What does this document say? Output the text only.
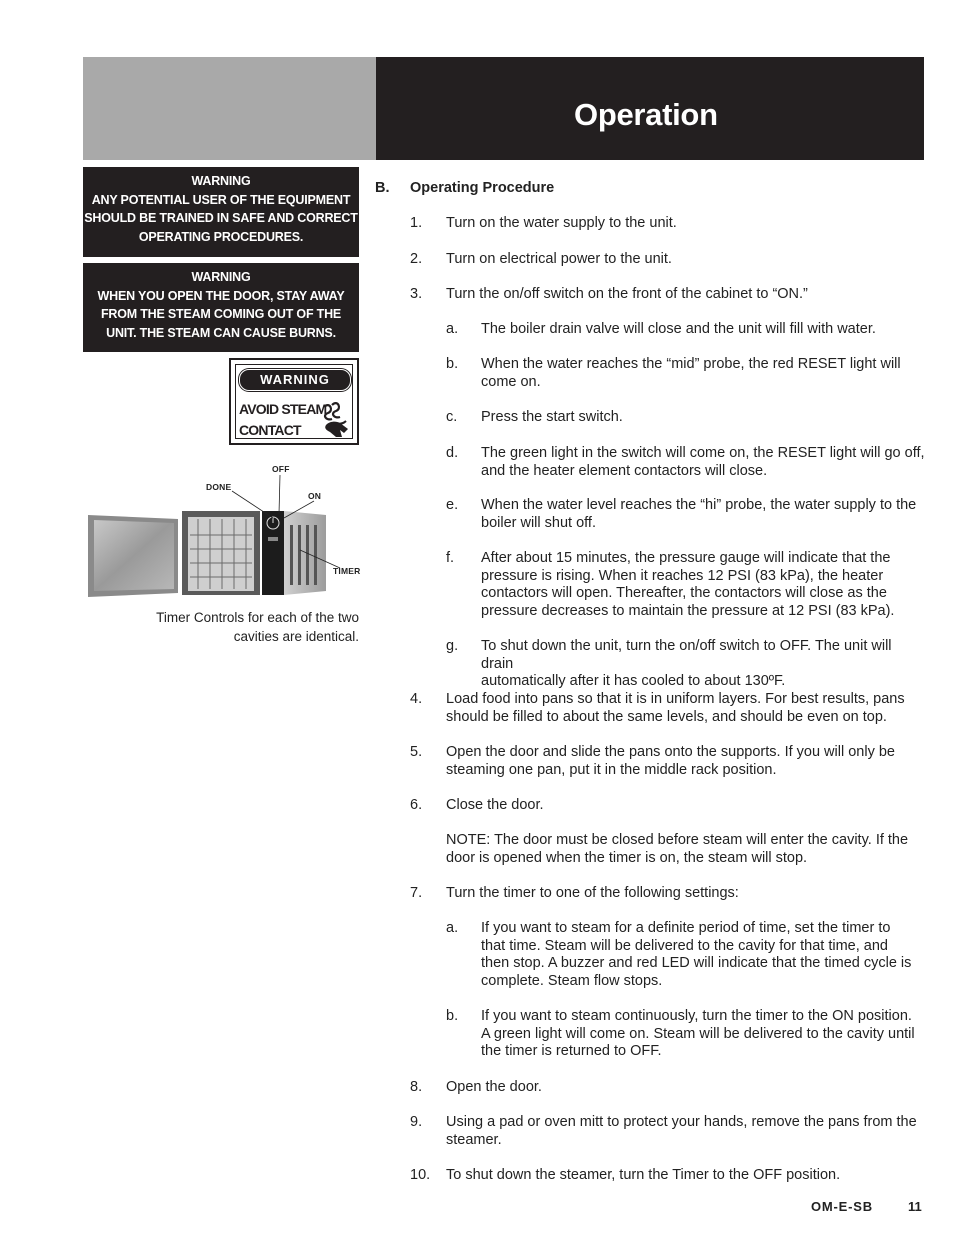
Operation
WARNING
ANY POTENTIAL USER OF THE EQUIPMENT
SHOULD BE TRAINED IN SAFE AND CORRECT
OPERATING PROCEDURES.
WARNING
WHEN YOU OPEN THE DOOR, STAY AWAY
FROM THE STEAM COMING OUT OF THE
UNIT. THE STEAM CAN CAUSE BURNS.
WARNING
AVOID STEAM
CONTACT
OFF
DONE
ON
TIMER
Timer Controls for each of the two
cavities are identical.
B. Operating Procedure
1. Turn on the water supply to the unit.
2. Turn on electrical power to the unit.
3. Turn the on/off switch on the front of the cabinet to “ON.”
a. The boiler drain valve will close and the unit will fill with water.
b. When the water reaches the “mid” probe, the red RESET light will
come on.
c. Press the start switch.
d. The green light in the switch will come on, the RESET light will go off,
and the heater element contactors will close.
e. When the water level reaches the “hi” probe, the water supply to the
boiler will shut off.
f. After about 15 minutes, the pressure gauge will indicate that the
pressure is rising. When it reaches 12 PSI (83 kPa), the heater
contactors will open. Thereafter, the contactors will close as the
pressure decreases to maintain the pressure at 12 PSI (83 kPa).
g. To shut down the unit, turn the on/off switch to OFF. The unit will drain
automatically after it has cooled to about 130ºF.
4. Load food into pans so that it is in uniform layers. For best results, pans
should be filled to about the same levels, and should be even on top.
5. Open the door and slide the pans onto the supports. If you will only be
steaming one pan, put it in the middle rack position.
6. Close the door.
NOTE: The door must be closed before steam will enter the cavity. If the
door is opened when the timer is on, the steam will stop.
7. Turn the timer to one of the following settings:
a. If you want to steam for a definite period of time, set the timer to
that time. Steam will be delivered to the cavity for that time, and
then stop. A buzzer and red LED will indicate that the timed cycle is
complete. Steam flow stops.
b. If you want to steam continuously, turn the timer to the ON position.
A green light will come on. Steam will be delivered to the cavity until
the timer is returned to OFF.
8. Open the door.
9. Using a pad or oven mitt to protect your hands, remove the pans from the
steamer.
10. To shut down the steamer, turn the Timer to the OFF position.
OM-E-SB	11
